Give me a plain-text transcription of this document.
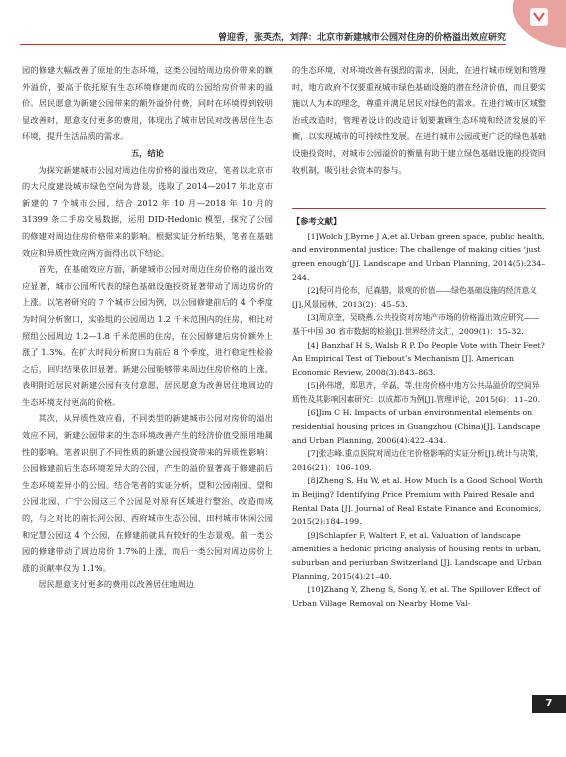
曾迎香，张英杰，刘萍：北京市新建城市公园对住房的价格溢出效应研究

园的修建大幅改善了原址的生态环境，这类公园给周边房价带来的额外溢价，要高于依托原有生态环境修建而成的公园给房价带来的溢价。居民愿意为新建公园带来的额外溢价付费，同时在环境得到较明显改善时，愿意支付更多的费用，体现出了城市居民对改善居住生态环境，提升生活品质的需求。

五，结论

为探究新建城市公园对周边住房价格的溢出效应，笔者以北京市的大尺度建设城市绿色空间为背景，选取了 2014—2017 年北京市新建的 7 个城市公园，结合 2012 年 10 月—2018 年 10 月的 31399 条二手房交易数据，运用 DID-Hedonic 模型，探究了公园的修建对周边住房价格带来的影响。根据实证分析结果，笔者在基础效应和异质性效应两方面得出以下结论。

首先，在基础效应方面，新建城市公园对周边住房价格的溢出效应显著，城市公园所代表的绿色基础设施投资显著带动了周边房价的上涨。以笔者研究的 7 个城市公园为例，以公园修建前后的 4 个季度为时间分析窗口，实验组的公园周边 1.2 千米范围内的住房，相比对照组公园周边 1.2—1.8 千米范围的住房，在公园修建后房价额外上涨了 1.3%。在扩大时间分析窗口为前后 8 个季度，进行稳定性检验之后，回归结果依旧显著。新建公园能够带来周边住房价格的上涨，表明附近居民对新建公园有支付意愿，居民愿意为改善居住地周边的生态环境支付更高的价格。

其次，从异质性效应看，不同类型的新建城市公园对房价的溢出效应不同，新建公园带来的生态环境改善产生的经济价值受原用地属性的影响。笔者识别了不同性质的新建公园投资带来的异质性影响：公园修建前后生态环境差异大的公园，产生的溢价显著高于修建前后生态环境差异小的公园。结合笔者的实证分析，望和公园南园、望和公园北园、广宁公园这三个公园是对原有区域进行整治、改造而成的，与之对比的南长河公园、西府城市生态公园、田村城市休闲公园和定慧公园这 4 个公园，在修建前就具有较好的生态景观。前一类公园的修建带动了周边房价 1.7%的上涨，而后一类公园对周边房价上涨的贡献率仅为 1.1%。

居民愿意支付更多的费用以改善居住地周边

的生态环境，对环境改善有强烈的需求，因此，在进行城市规划和管理时，地方政府不仅要重视城市绿色基础设施的潜在经济价值，而且要实施以人为本的理念，尊重并满足居民对绿色的需求。在进行城市区域整治或改造时，管理者设计的改造计划要兼顾生态环境和经济发展的平衡，以实现城市的可持续性发展。在进行城市公园或更广泛的绿色基础设施投资时，对城市公园溢价的衡量有助于建立绿色基础设施的投资回收机制，吸引社会资本的参与。

【参考文献】

[1]Wolch J,Byrne J A,et al.Urban green space, public health, and environmental justice: The challenge of making cities ‘just green enough’[J]. Landscape and Urban Planning, 2014(5):234–244.

[2]倪可肖伦布，尼森腊，景观的价值——绿色基础设施的经济意义[J].风景园林，2013(2)：45–53.

[3]周京奎，吴晓燕.公共投资对房地产市场的价格溢出效应研究——基于中国 30 省市数据的检验[J].世界经济文汇，2009(1)：15–32.

[4] Banzhaf H S, Walsh R P. Do People Vote with Their Feet? An Empirical Test of Tiebout’s Mechanism [J]. American Economic Review, 2008(3):843–863.

[5]孙伟增，郑思齐，辛磊，等.住房价格中地方公共品溢价的空间异质性及其影响因素研究：以成都市为例[J].管理评论，2015(6)：11–20.

[6]Jim C H. Impacts of urban environmental elements on residential housing prices in Guangzhou (China)[J]. Landscape and Urban Planning, 2006(4):422–434.

[7]张志峰.重点医院对周边住宅价格影响的实证分析[J].统计与决策，2016(21)：106–109.

[8]Zheng S, Hu W, et al. How Much Is a Good School Worth in Beijing? Identifying Price Premium with Paired Resale and Rental Data [J]. Journal of Real Estate Finance and Economics, 2015(2):184–199.

[9]Schlapfer F, Waltert F, et al. Valuation of landscape amenities a hedonic pricing analysis of housing rents in urban, suburban and periurban Switzerland [J]. Landscape and Urban Planning, 2015(4):21–40.

[10]Zhang Y, Zheng S, Song Y, et al. The Spillover Effect of Urban Village Removal on Nearby Home Val-

7
